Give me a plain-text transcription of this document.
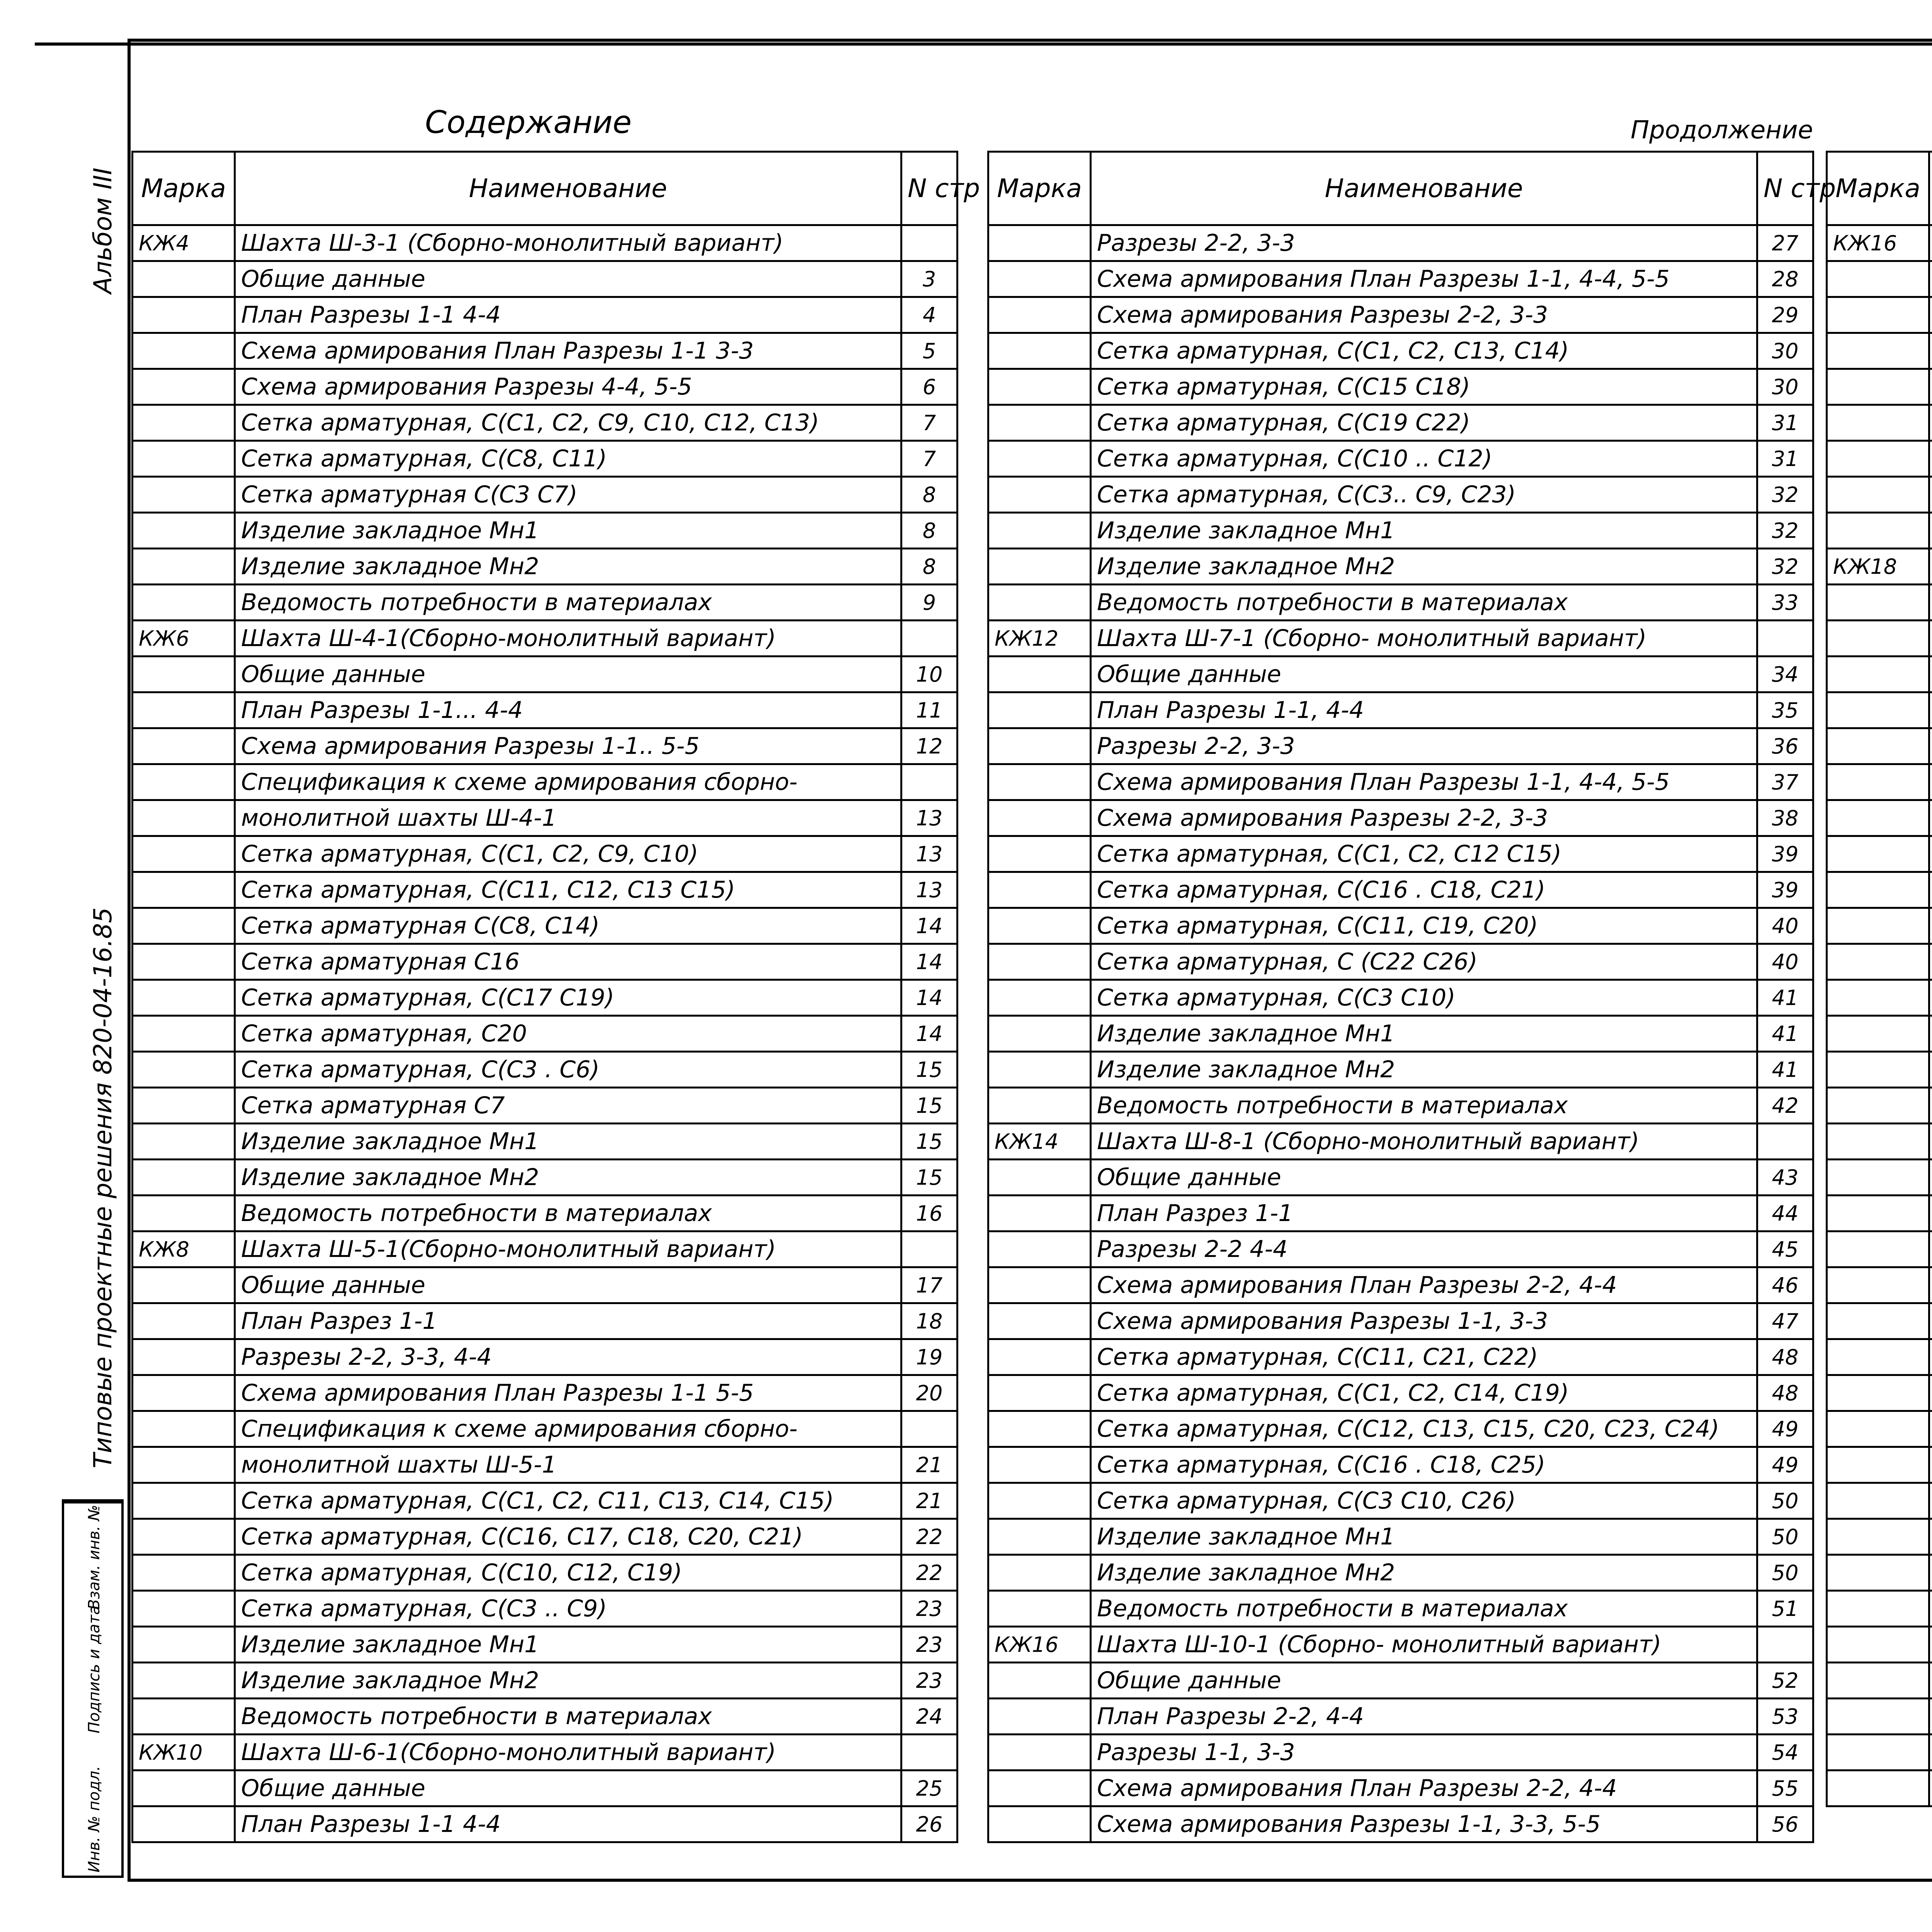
Альбом III
Типовые проектные решения 820-04-16.85
Инв. № подл.
Подпись и дата
Взам. инв. №
Содержание	Продолжение
Марка	Наименование	N стр
КЖ4	Шахта Ш-3-1 (Сборно-монолитный вариант)	
	Общие данные	3
	План Разрезы 1-1 4-4	4
	Схема армирования План Разрезы 1-1 3-3	5
	Схема армирования Разрезы 4-4, 5-5	6
	Сетка арматурная, С(С1, С2, С9, С10, С12, С13)	7
	Сетка арматурная, С(С8, С11)	7
	Сетка арматурная С(С3 С7)	8
	Изделие закладное Мн1	8
	Изделие закладное Мн2	8
	Ведомость потребности в материалах	9
КЖ6	Шахта Ш-4-1(Сборно-монолитный вариант)	
	Общие данные	10
	План Разрезы 1-1... 4-4	11
	Схема армирования Разрезы 1-1.. 5-5	12
	Спецификация к схеме армирования сборно-	
	монолитной шахты Ш-4-1	13
	Сетка арматурная, С(С1, С2, С9, С10)	13
	Сетка арматурная, С(С11, С12, С13 С15)	13
	Сетка арматурная С(С8, С14)	14
	Сетка арматурная С16	14
	Сетка арматурная, С(С17 С19)	14
	Сетка арматурная, С20	14
	Сетка арматурная, С(С3 . С6)	15
	Сетка арматурная С7	15
	Изделие закладное Мн1	15
	Изделие закладное Мн2	15
	Ведомость потребности в материалах	16
КЖ8	Шахта Ш-5-1(Сборно-монолитный вариант)	
	Общие данные	17
	План Разрез 1-1	18
	Разрезы 2-2, 3-3, 4-4	19
	Схема армирования План Разрезы 1-1 5-5	20
	Спецификация к схеме армирования сборно-	
	монолитной шахты Ш-5-1	21
	Сетка арматурная, С(С1, С2, С11, С13, С14, С15)	21
	Сетка арматурная, С(С16, С17, С18, С20, С21)	22
	Сетка арматурная, С(С10, С12, С19)	22
	Сетка арматурная, С(С3 .. С9)	23
	Изделие закладное Мн1	23
	Изделие закладное Мн2	23
	Ведомость потребности в материалах	24
КЖ10	Шахта Ш-6-1(Сборно-монолитный вариант)	
	Общие данные	25
	План Разрезы 1-1 4-4	26
Марка	Наименование	N стр
	Разрезы 2-2, 3-3	27
	Схема армирования План Разрезы 1-1, 4-4, 5-5	28
	Схема армирования Разрезы 2-2, 3-3	29
	Сетка арматурная, С(С1, С2, С13, С14)	30
	Сетка арматурная, С(С15 С18)	30
	Сетка арматурная, С(С19 С22)	31
	Сетка арматурная, С(С10 .. С12)	31
	Сетка арматурная, С(С3.. С9, С23)	32
	Изделие закладное Мн1	32
	Изделие закладное Мн2	32
	Ведомость потребности в материалах	33
КЖ12	Шахта Ш-7-1 (Сборно- монолитный вариант)	
	Общие данные	34
	План Разрезы 1-1, 4-4	35
	Разрезы 2-2, 3-3	36
	Схема армирования План Разрезы 1-1, 4-4, 5-5	37
	Схема армирования Разрезы 2-2, 3-3	38
	Сетка арматурная, С(С1, С2, С12 С15)	39
	Сетка арматурная, С(С16 . С18, С21)	39
	Сетка арматурная, С(С11, С19, С20)	40
	Сетка арматурная, С (С22 С26)	40
	Сетка арматурная, С(С3 С10)	41
	Изделие закладное Мн1	41
	Изделие закладное Мн2	41
	Ведомость потребности в материалах	42
КЖ14	Шахта Ш-8-1 (Сборно-монолитный вариант)	
	Общие данные	43
	План Разрез 1-1	44
	Разрезы 2-2 4-4	45
	Схема армирования План Разрезы 2-2, 4-4	46
	Схема армирования Разрезы 1-1, 3-3	47
	Сетка арматурная, С(С11, С21, С22)	48
	Сетка арматурная, С(С1, С2, С14, С19)	48
	Сетка арматурная, С(С12, С13, С15, С20, С23, С24)	49
	Сетка арматурная, С(С16 . С18, С25)	49
	Сетка арматурная, С(С3 С10, С26)	50
	Изделие закладное Мн1	50
	Изделие закладное Мн2	50
	Ведомость потребности в материалах	51
КЖ16	Шахта Ш-10-1 (Сборно- монолитный вариант)	
	Общие данные	52
	План Разрезы 2-2, 4-4	53
	Разрезы 1-1, 3-3	54
	Схема армирования План Разрезы 2-2, 4-4	55
	Схема армирования Разрезы 1-1, 3-3, 5-5	56
Марка		
КЖ16		

КЖ18		
